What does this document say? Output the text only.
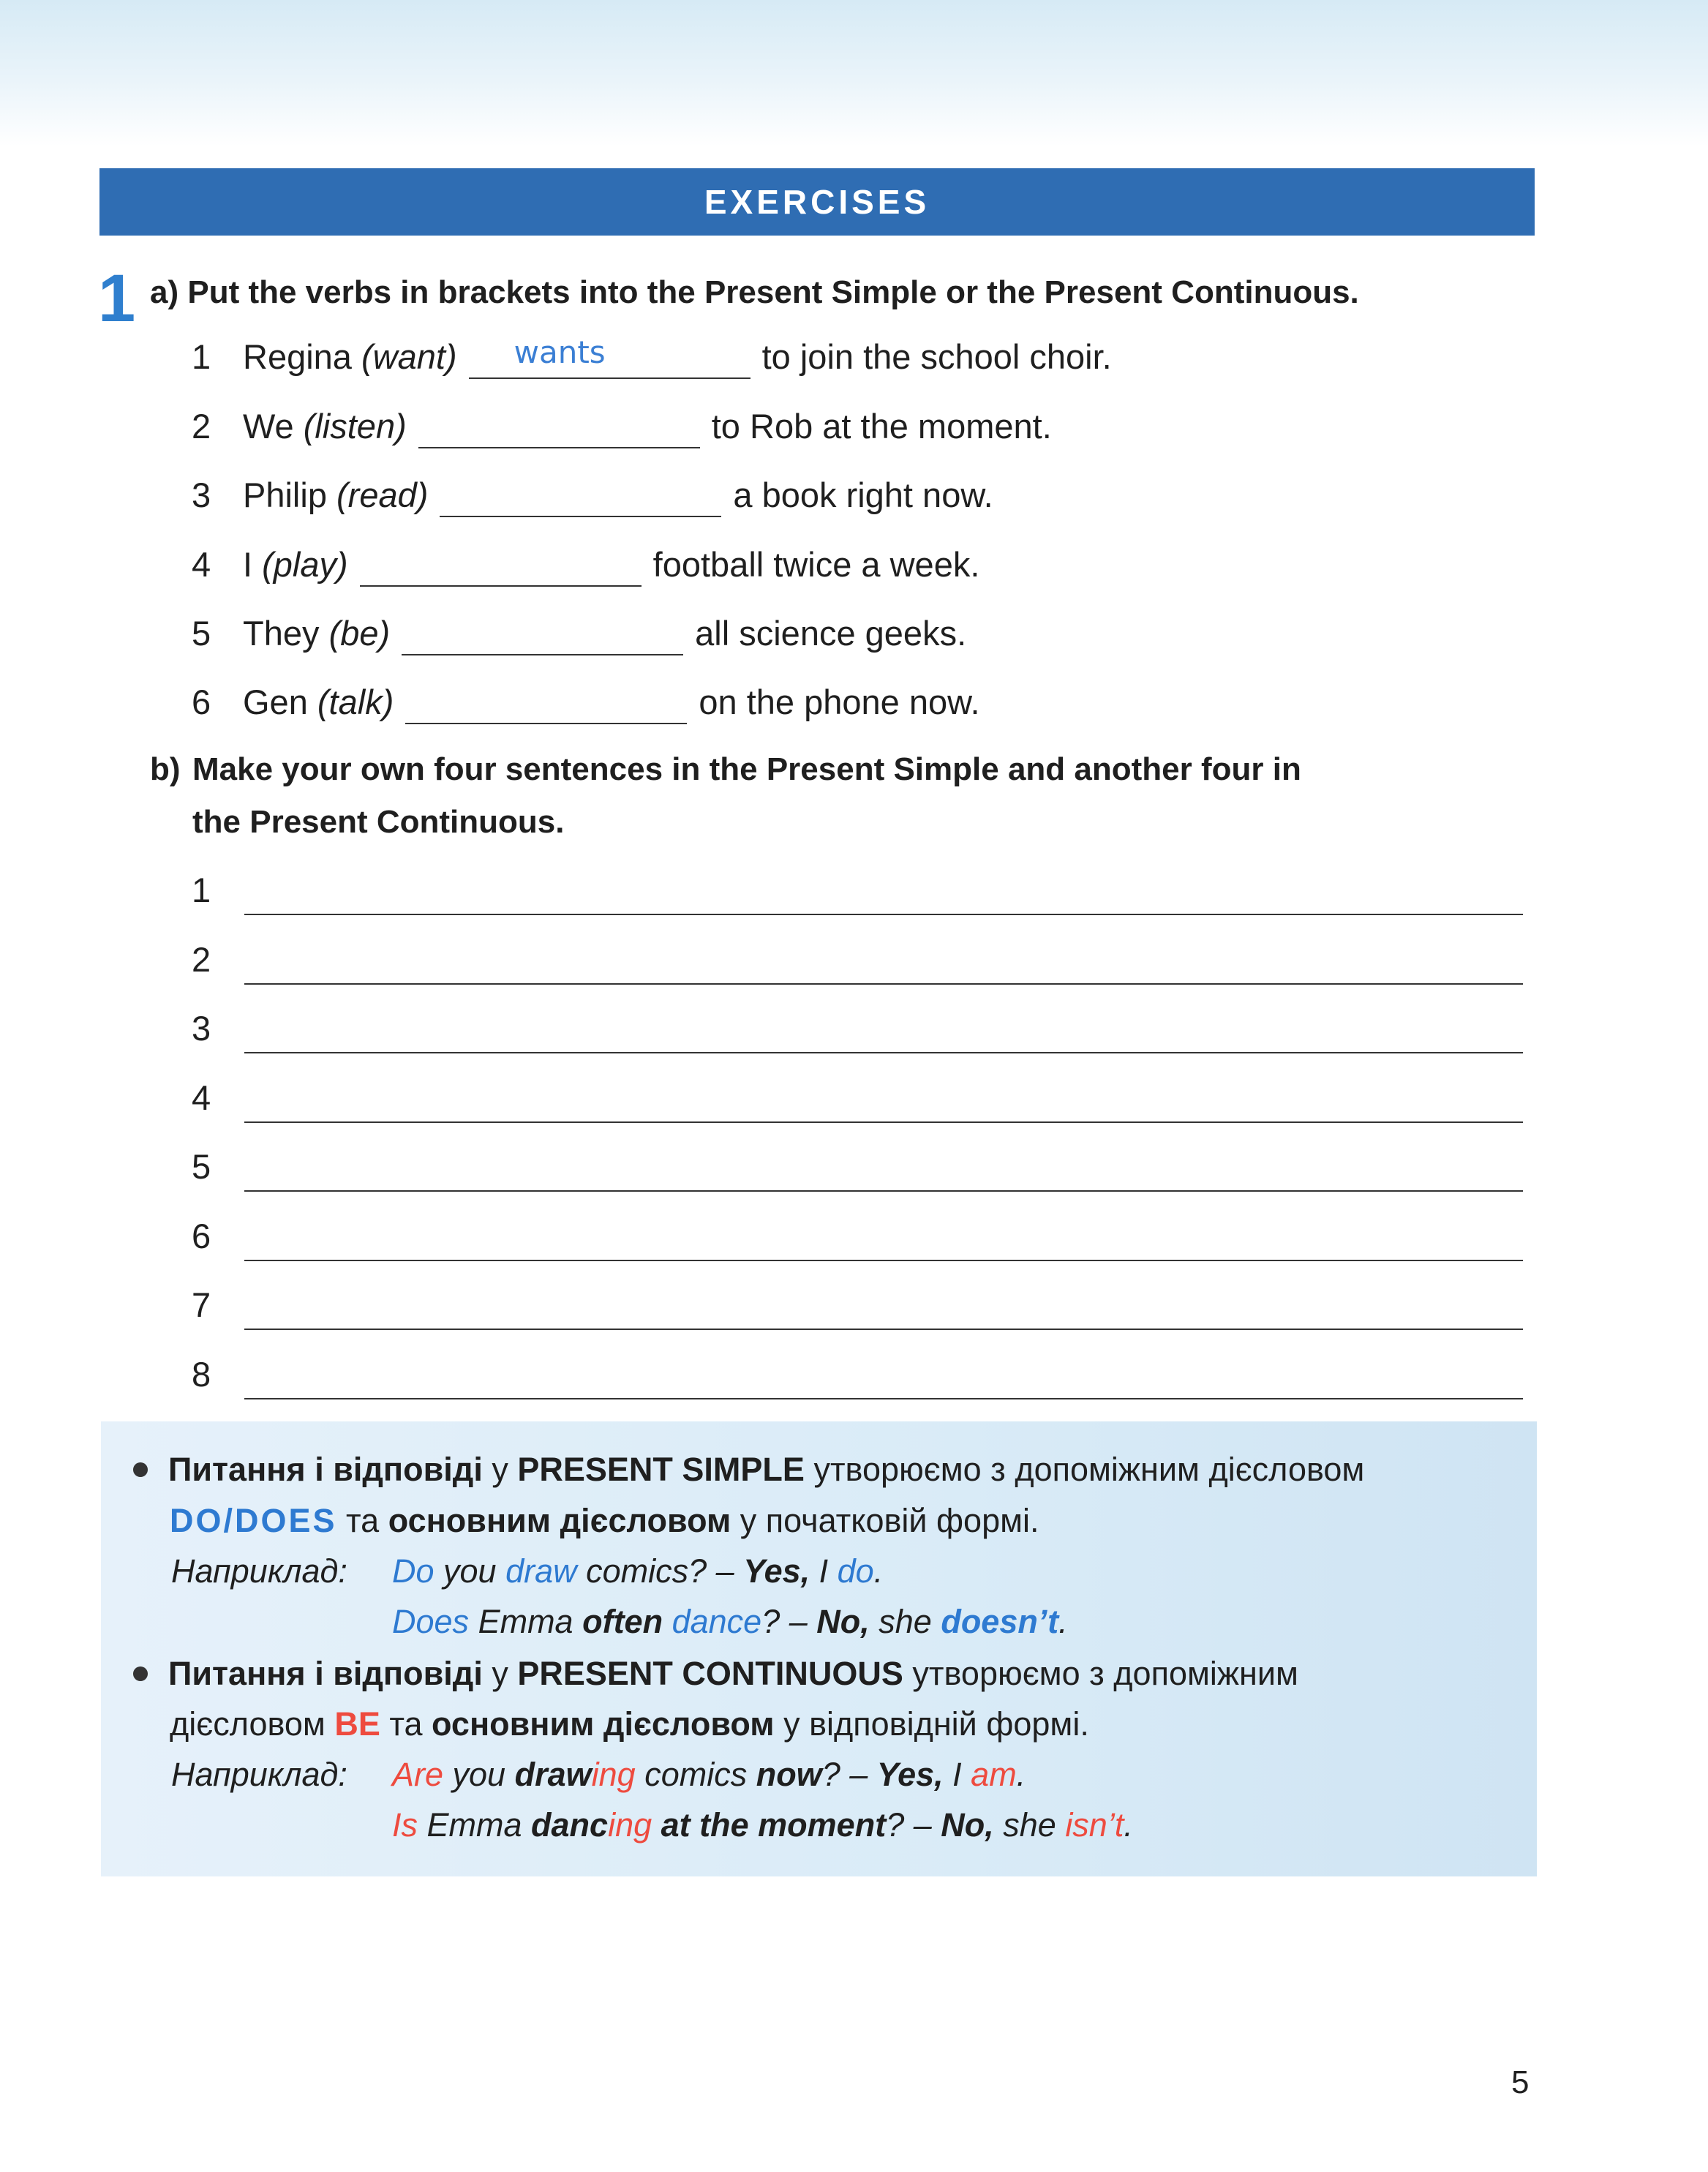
EXERCISES
1 a) Put the verbs in brackets into the Present Simple or the Present Continuous.
1 Regina
(want) wants	to join the school choir.
2 We
(listen)	to Rob at the moment.
3 Philip
(read)	a book right now.
4 I
(play)	football twice a week.
5 They
(be)	all science geeks.
6 Gen
(talk)	on the phone now.
b) Make your own four sentences in the Present Simple and another four in
the Present Continuous.
1
2
3
4
5
6
7
8
Питання і відповіді у PRESENT SIMPLE утворюємо з допоміжним дієсловом
DO/DOES та основним дієсловом у початковій формі.
Наприклад: Do you draw comics? – Yes, I do.
Does Emma often dance? – No, she doesn’t.
Питання і відповіді у PRESENT CONTINUOUS утворюємо з допоміжним
дієсловом BE та основним дієсловом у відповідній формі.
Наприклад: Are you drawing comics now? – Yes, I am.
Is Emma dancing at the moment? – No, she isn’t.
5
